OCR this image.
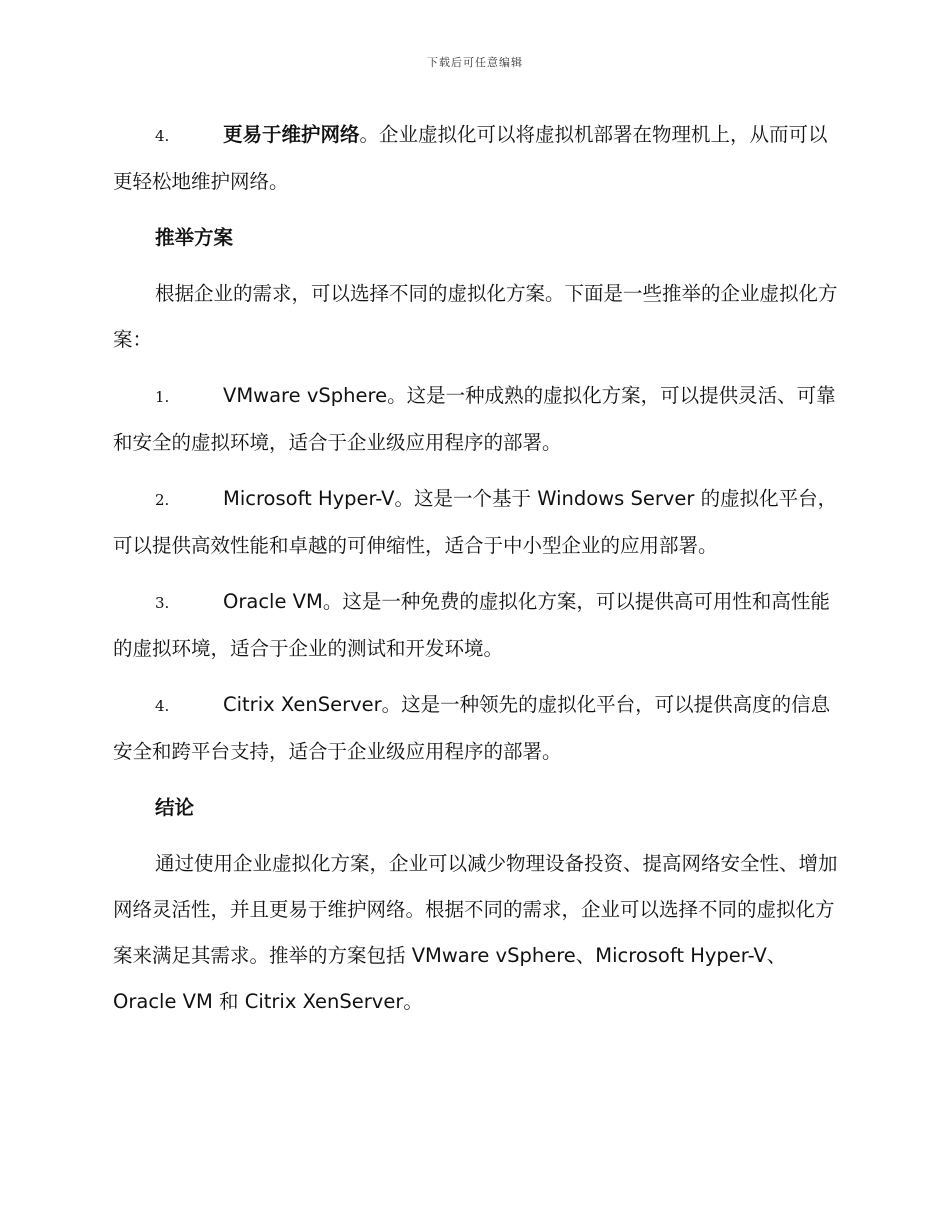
下载后可任意编辑

4.	更易于维护网络。企业虚拟化可以将虚拟机部署在物理机上，从而可以更轻松地维护网络。

推举方案

根据企业的需求，可以选择不同的虚拟化方案。下面是一些推举的企业虚拟化方案：

1.	VMware vSphere。这是一种成熟的虚拟化方案，可以提供灵活、可靠和安全的虚拟环境，适合于企业级应用程序的部署。

2.	Microsoft Hyper-V。这是一个基于 Windows Server 的虚拟化平台，可以提供高效性能和卓越的可伸缩性，适合于中小型企业的应用部署。

3.	Oracle VM。这是一种免费的虚拟化方案，可以提供高可用性和高性能的虚拟环境，适合于企业的测试和开发环境。

4.	Citrix XenServer。这是一种领先的虚拟化平台，可以提供高度的信息安全和跨平台支持，适合于企业级应用程序的部署。

结论

通过使用企业虚拟化方案，企业可以减少物理设备投资、提高网络安全性、增加网络灵活性，并且更易于维护网络。根据不同的需求，企业可以选择不同的虚拟化方案来满足其需求。推举的方案包括 VMware vSphere、Microsoft Hyper-V、Oracle VM 和 Citrix XenServer。
